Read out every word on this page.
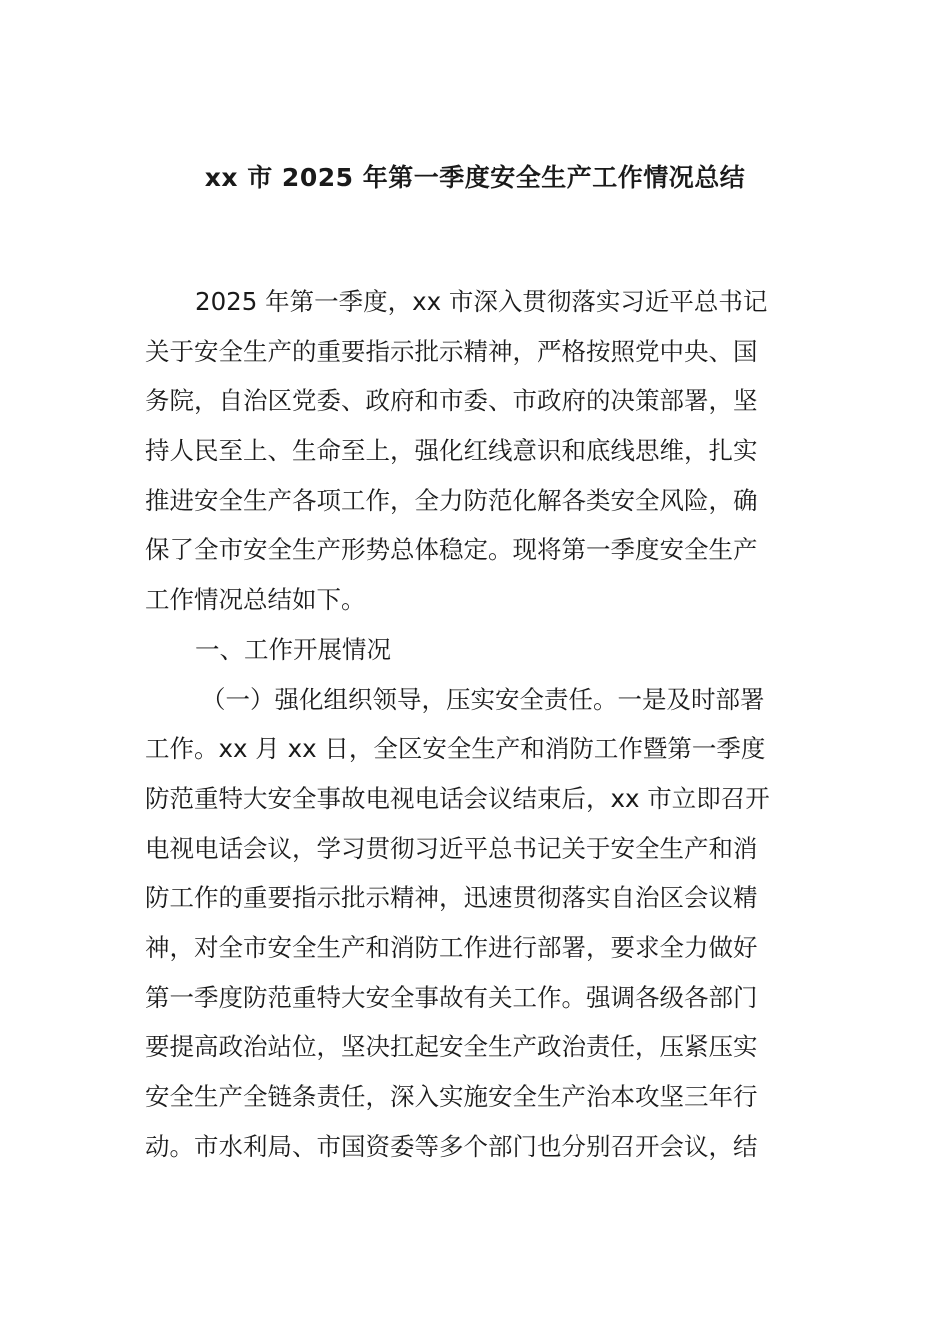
xx 市 2025 年第一季度安全生产工作情况总结
2025 年第一季度，xx 市深入贯彻落实习近平总书记
关于安全生产的重要指示批示精神，严格按照党中央、国
务院，自治区党委、政府和市委、市政府的决策部署，坚
持人民至上、生命至上，强化红线意识和底线思维，扎实
推进安全生产各项工作，全力防范化解各类安全风险，确
保了全市安全生产形势总体稳定。现将第一季度安全生产
工作情况总结如下。
一、工作开展情况
（一）强化组织领导，压实安全责任。一是及时部署
工作。xx 月 xx 日，全区安全生产和消防工作暨第一季度
防范重特大安全事故电视电话会议结束后，xx 市立即召开
电视电话会议，学习贯彻习近平总书记关于安全生产和消
防工作的重要指示批示精神，迅速贯彻落实自治区会议精
神，对全市安全生产和消防工作进行部署，要求全力做好
第一季度防范重特大安全事故有关工作。强调各级各部门
要提高政治站位，坚决扛起安全生产政治责任，压紧压实
安全生产全链条责任，深入实施安全生产治本攻坚三年行
动。市水利局、市国资委等多个部门也分别召开会议，结
